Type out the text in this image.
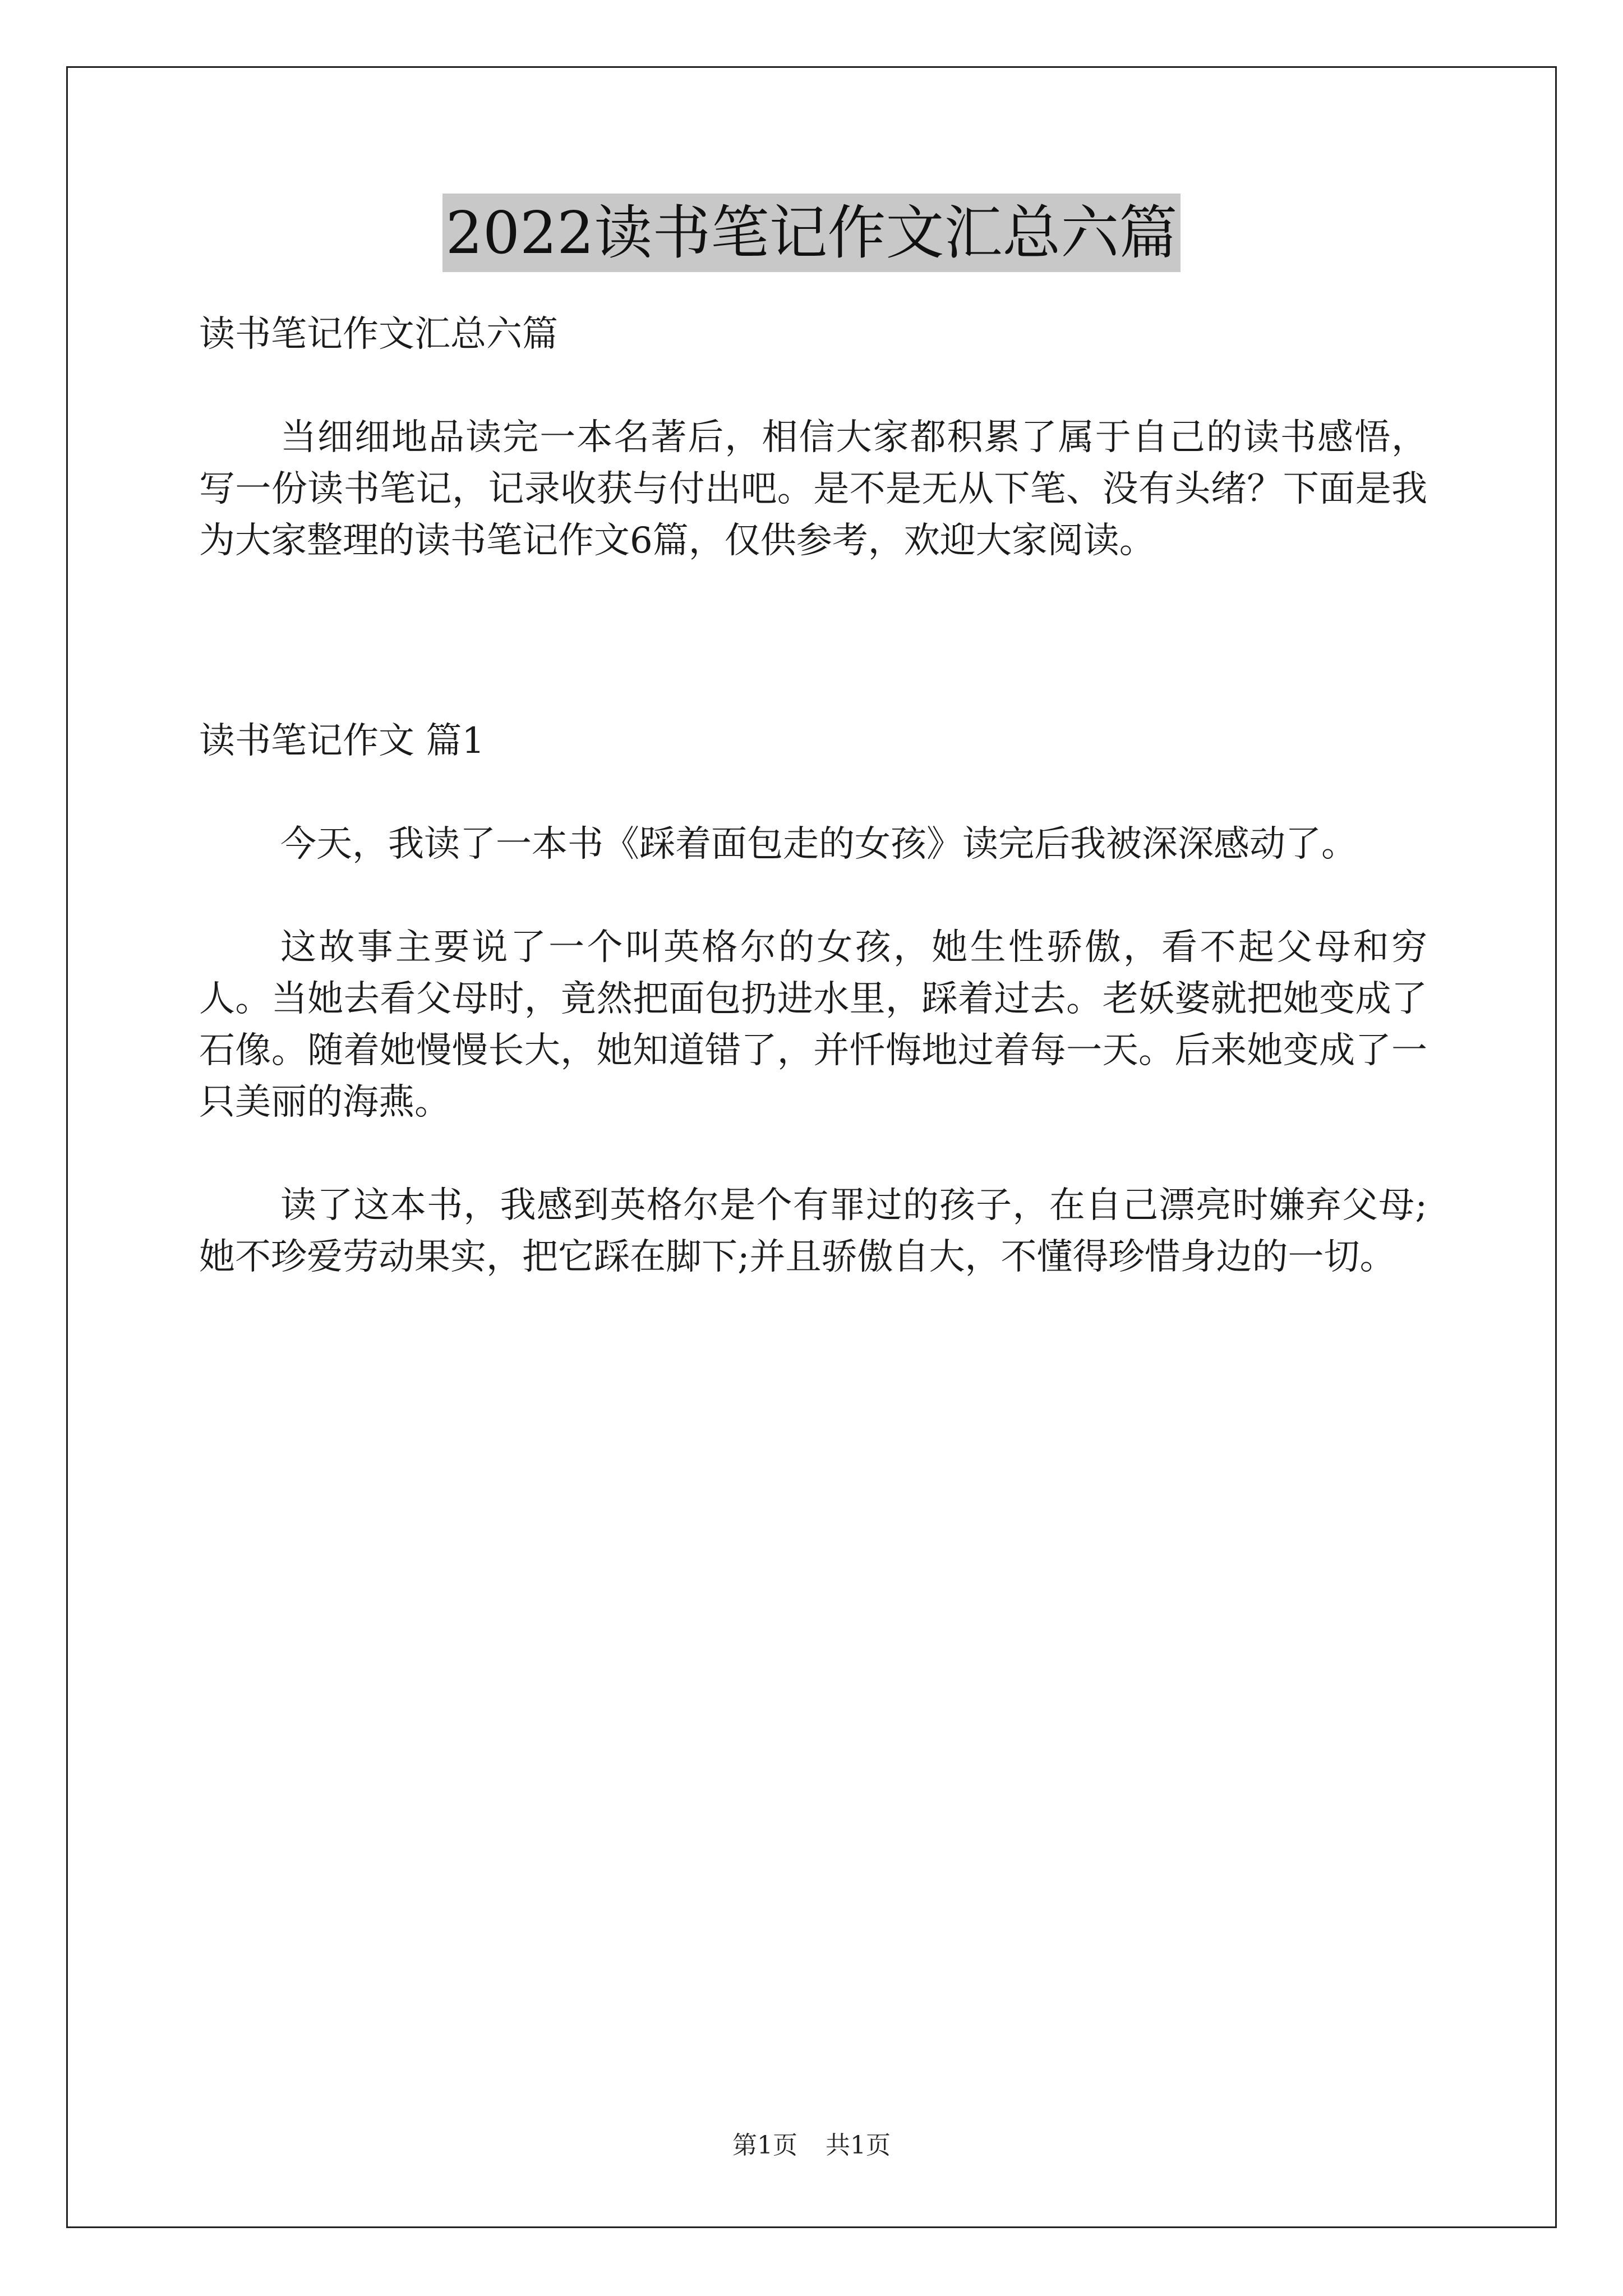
2022读书笔记作文汇总六篇

读书笔记作文汇总六篇

当细细地品读完一本名著后，相信大家都积累了属于自己的读书感悟，写一份读书笔记，记录收获与付出吧。是不是无从下笔、没有头绪？下面是我为大家整理的读书笔记作文6篇，仅供参考，欢迎大家阅读。

读书笔记作文 篇1

今天，我读了一本书《踩着面包走的女孩》读完后我被深深感动了。

这故事主要说了一个叫英格尔的女孩，她生性骄傲，看不起父母和穷人。当她去看父母时，竟然把面包扔进水里，踩着过去。老妖婆就把她变成了石像。随着她慢慢长大，她知道错了，并忏悔地过着每一天。后来她变成了一只美丽的海燕。

读了这本书，我感到英格尔是个有罪过的孩子，在自己漂亮时嫌弃父母;她不珍爱劳动果实，把它踩在脚下;并且骄傲自大，不懂得珍惜身边的一切。

第1页 共1页
